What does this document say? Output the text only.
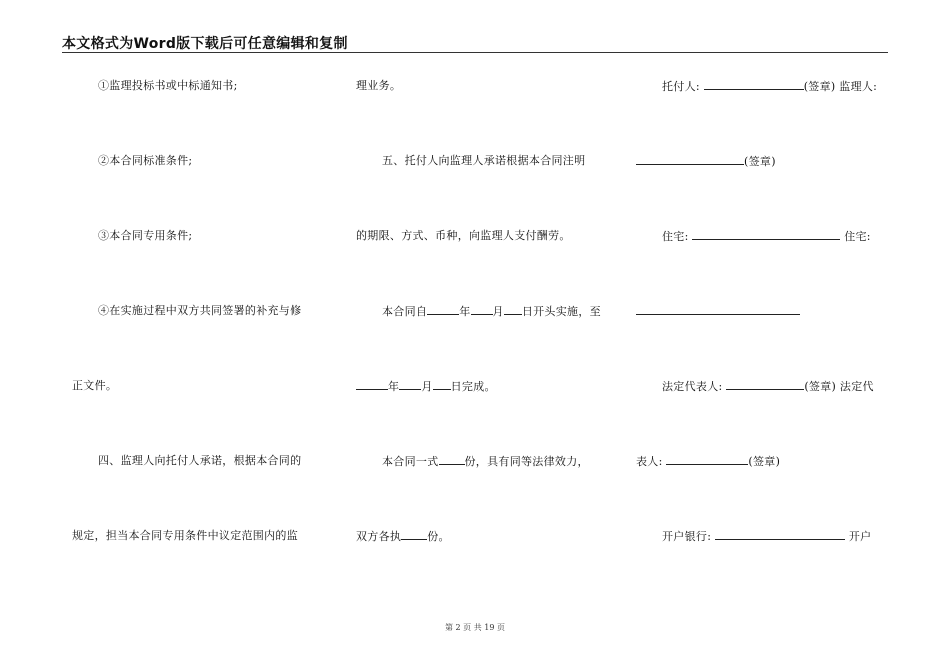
本文格式为Word版下载后可任意编辑和复制
①监理投标书或中标通知书;
②本合同标准条件;
③本合同专用条件;
④在实施过程中双方共同签署的补充与修
正文件。
四、监理人向托付人承诺，根据本合同的
规定，担当本合同专用条件中议定范围内的监
理业务。
五、托付人向监理人承诺根据本合同注明
的期限、方式、币种，向监理人支付酬劳。
本合同自	年 月 日开头实施，至
年 月 日完成。
本合同一式 份，具有同等法律效力，
双方各执 份。
托付人:	(签章) 监理人:
(签章)
住宅:	住宅:
法定代表人:	(签章) 法定代
表人:	(签章)
开户银行:	开户
第 2 页 共 19 页
